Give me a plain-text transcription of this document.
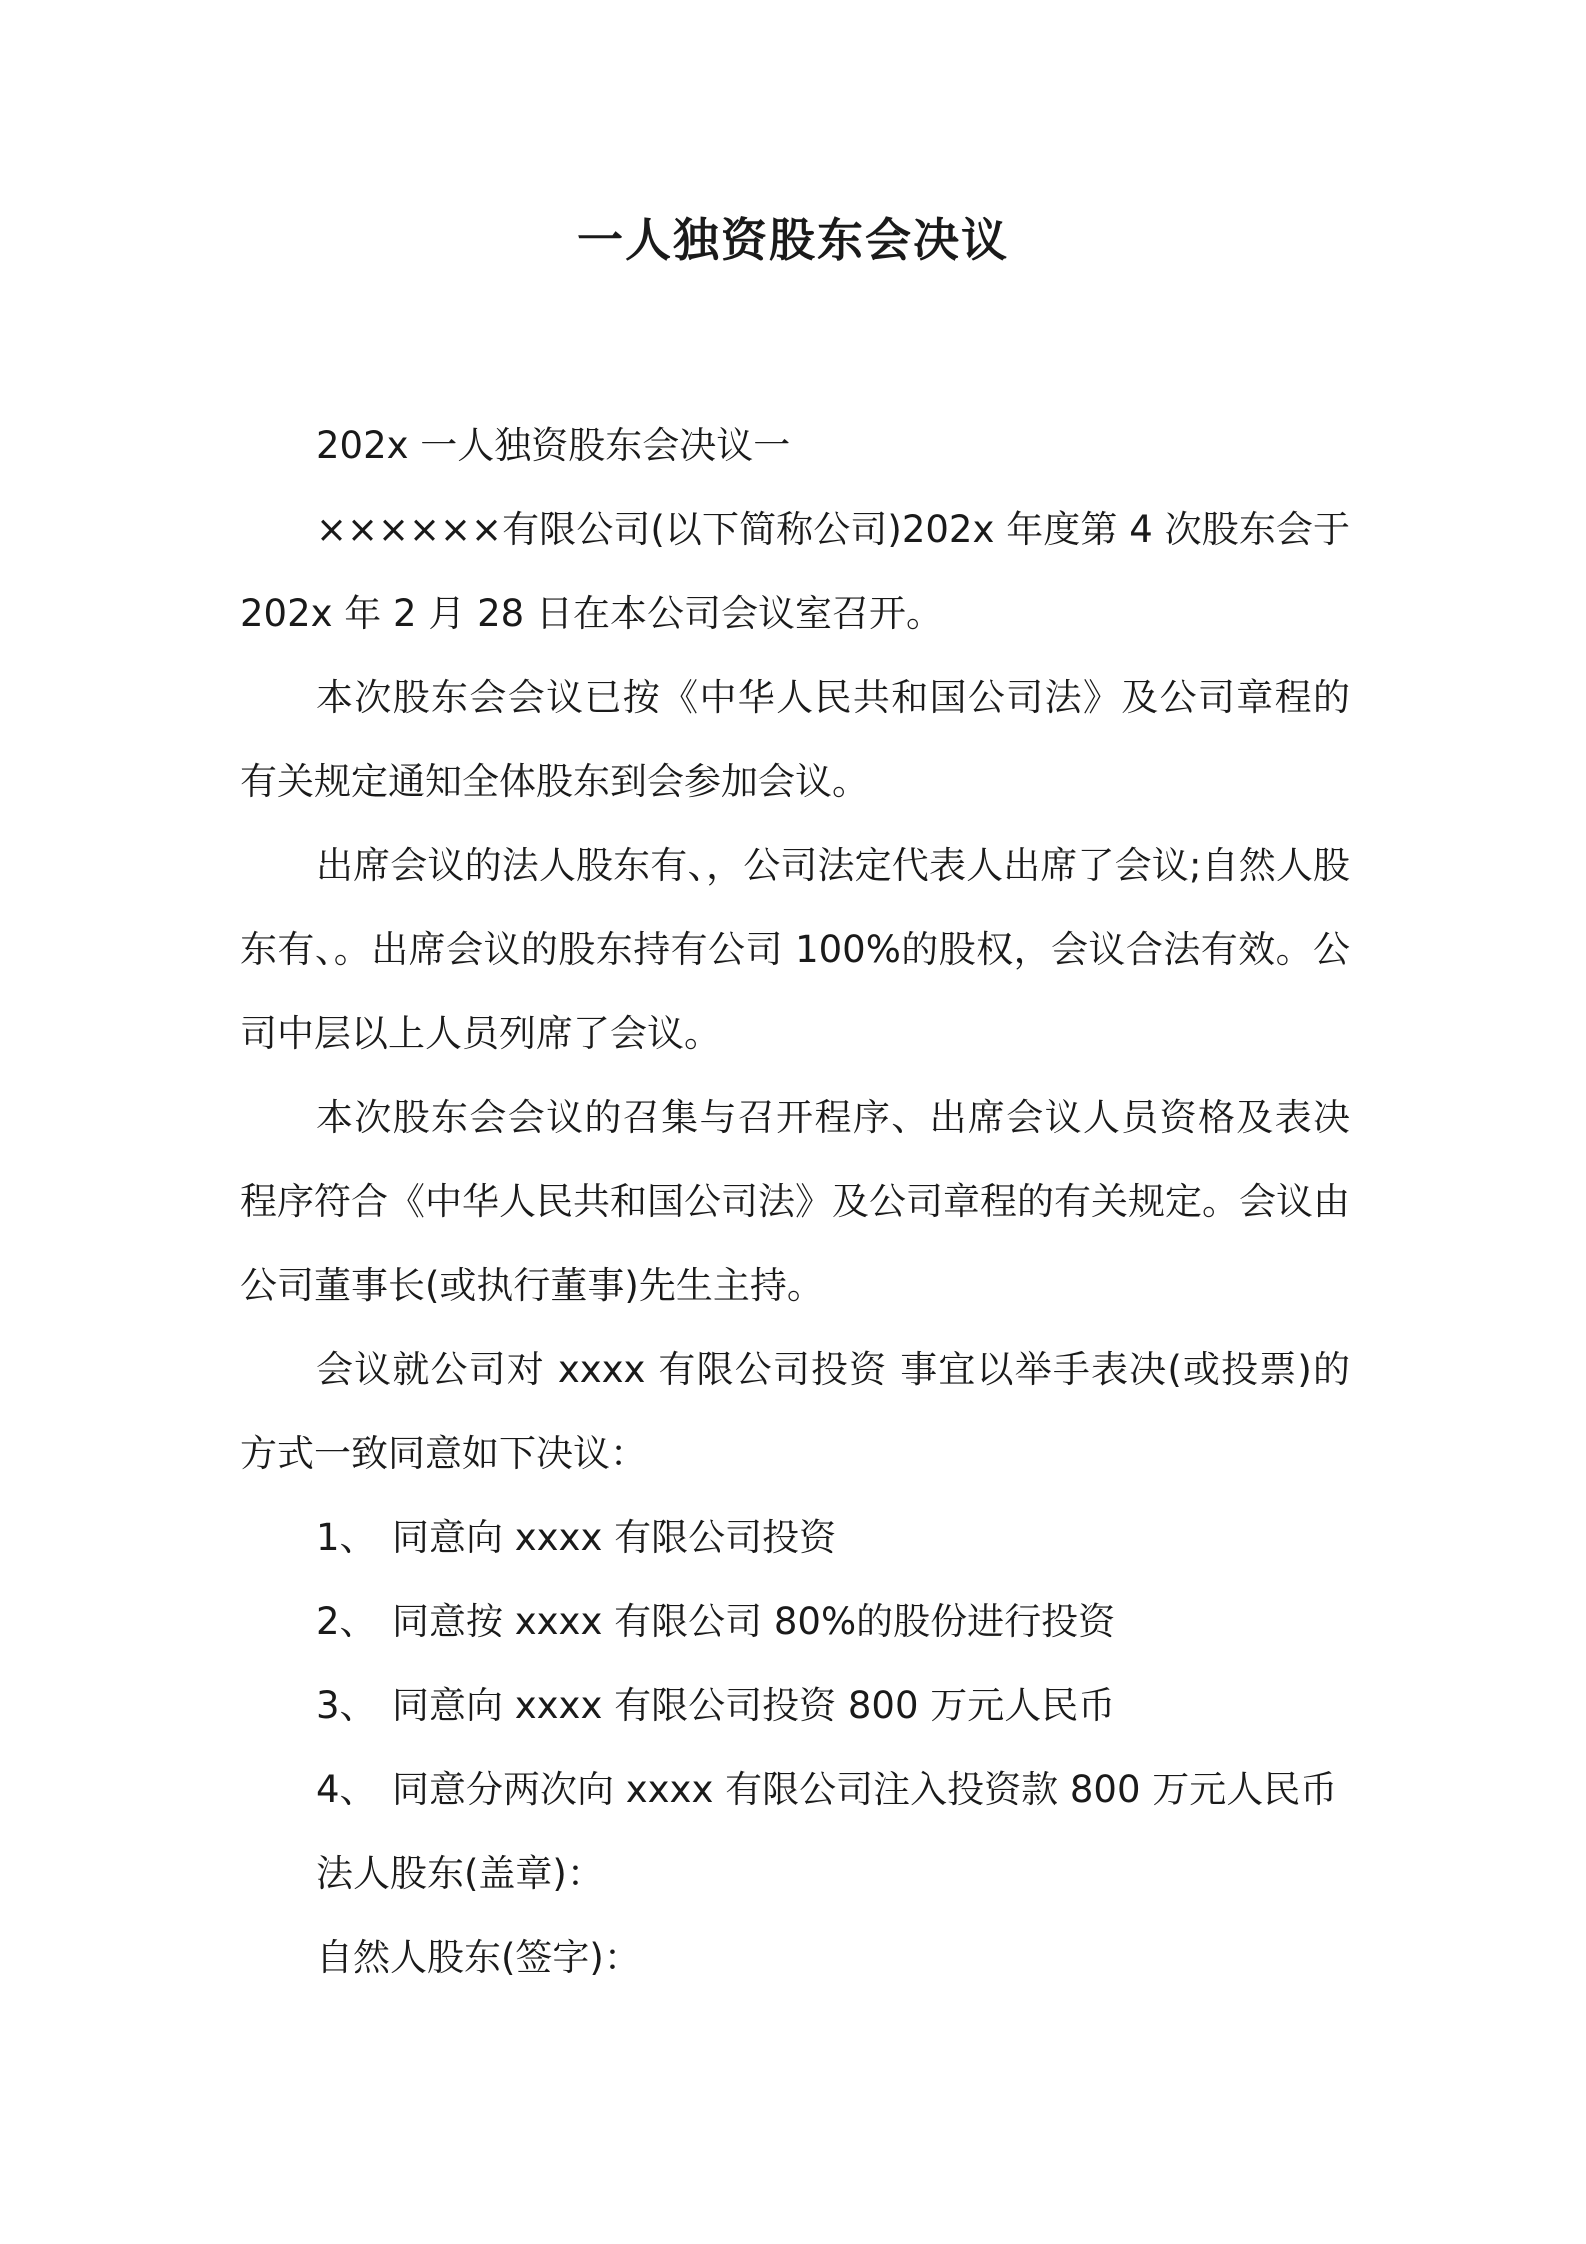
一人独资股东会决议

202x 一人独资股东会决议一

××××××有限公司(以下简称公司)202x 年度第 4 次股东会于 202x 年 2 月 28 日在本公司会议室召开。

本次股东会会议已按《中华人民共和国公司法》及公司章程的有关规定通知全体股东到会参加会议。

出席会议的法人股东有、，公司法定代表人出席了会议;自然人股东有、。出席会议的股东持有公司 100%的股权，会议合法有效。公司中层以上人员列席了会议。

本次股东会会议的召集与召开程序、出席会议人员资格及表决程序符合《中华人民共和国公司法》及公司章程的有关规定。会议由公司董事长(或执行董事)先生主持。

会议就公司对 xxxx 有限公司投资 事宜以举手表决(或投票)的方式一致同意如下决议：

1、 同意向 xxxx 有限公司投资

2、 同意按 xxxx 有限公司 80%的股份进行投资

3、 同意向 xxxx 有限公司投资 800 万元人民币

4、 同意分两次向 xxxx 有限公司注入投资款 800 万元人民币

法人股东(盖章)：

自然人股东(签字)：
